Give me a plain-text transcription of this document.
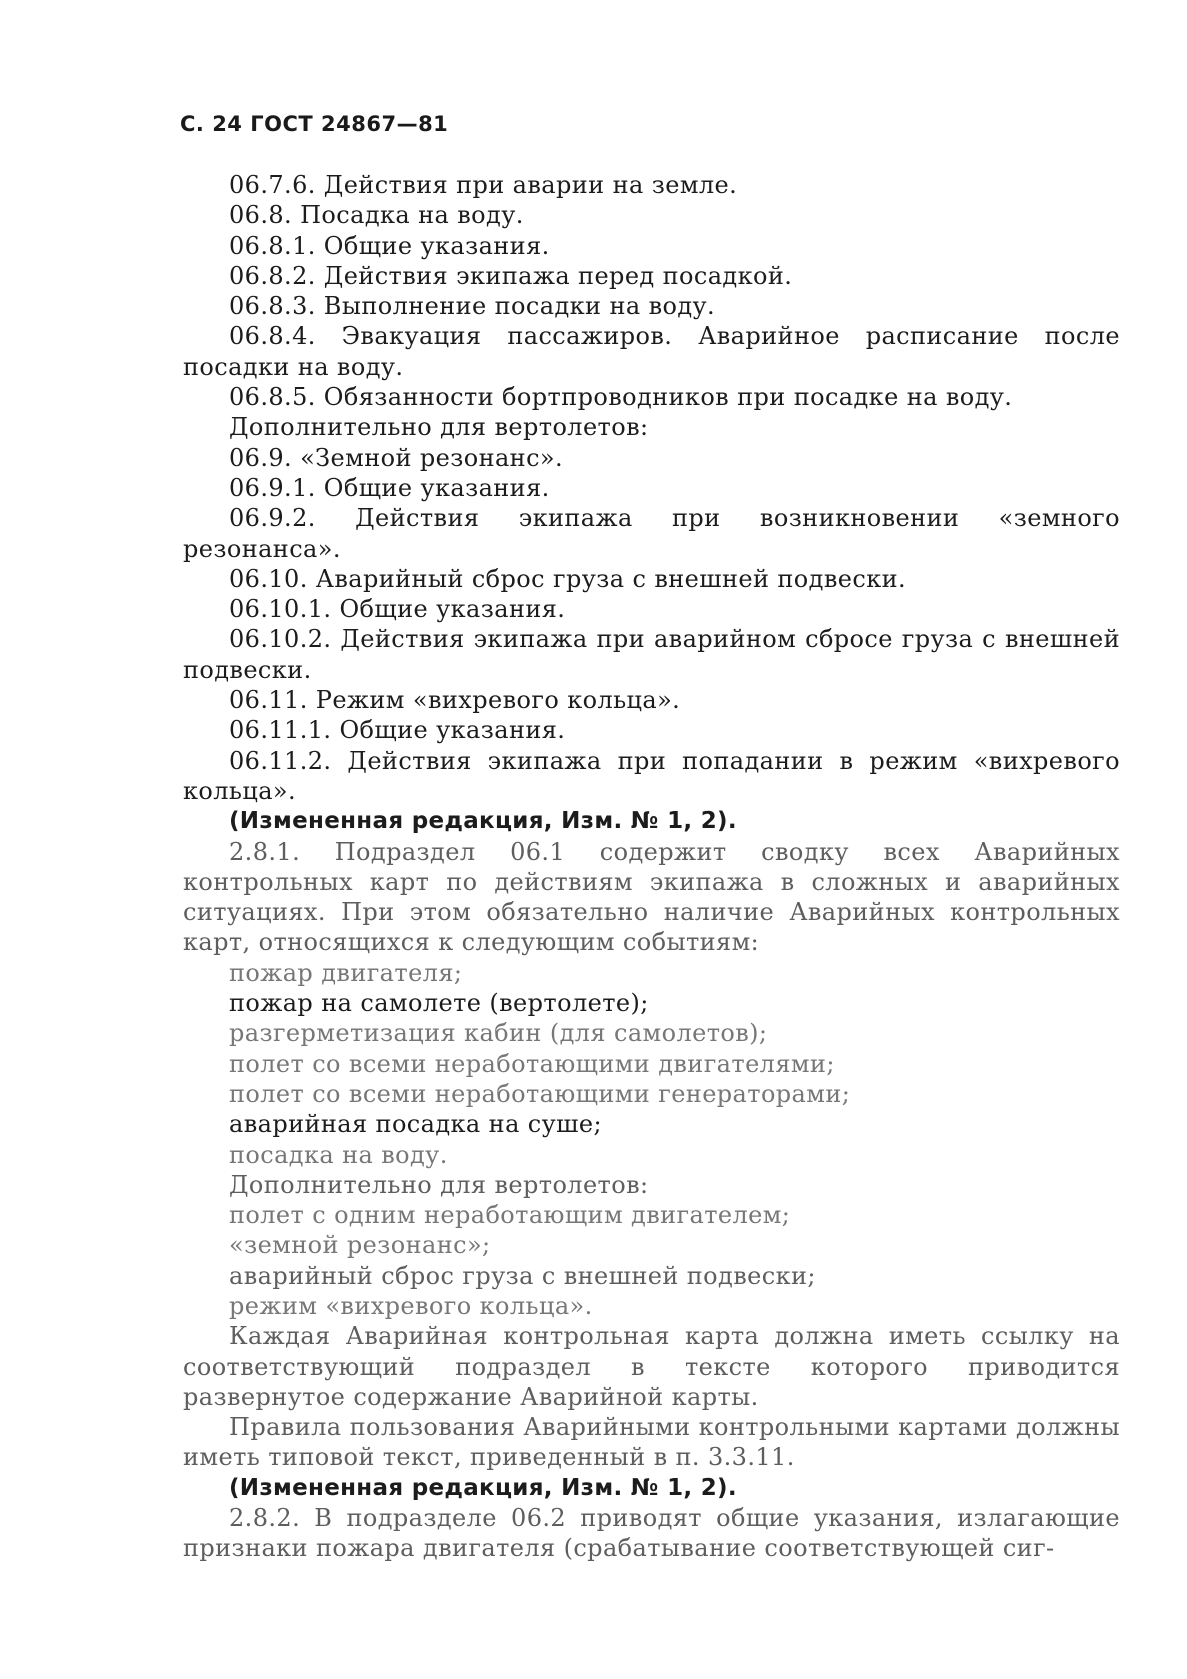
С. 24 ГОСТ 24867—81

06.7.6. Действия при аварии на земле.

06.8. Посадка на воду.

06.8.1. Общие указания.

06.8.2. Действия экипажа перед посадкой.

06.8.3. Выполнение посадки на воду.

06.8.4. Эвакуация пассажиров. Аварийное расписание после посадки на воду.

06.8.5. Обязанности бортпроводников при посадке на воду.

Дополнительно для вертолетов:

06.9. «Земной резонанс».

06.9.1. Общие указания.

06.9.2. Действия экипажа при возникновении «земного резонанса».

06.10. Аварийный сброс груза с внешней подвески.

06.10.1. Общие указания.

06.10.2. Действия экипажа при аварийном сбросе груза с внешней подвески.

06.11. Режим «вихревого кольца».

06.11.1. Общие указания.

06.11.2. Действия экипажа при попадании в режим «вихревого кольца».

(Измененная редакция, Изм. № 1, 2).

2.8.1. Подраздел 06.1 содержит сводку всех Аварийных контрольных карт по действиям экипажа в сложных и аварийных ситуациях. При этом обязательно наличие Аварийных контрольных карт, относящихся к следующим событиям:

пожар двигателя;

пожар на самолете (вертолете);

разгерметизация кабин (для самолетов);

полет со всеми неработающими двигателями;

полет со всеми неработающими генераторами;

аварийная посадка на суше;

посадка на воду.

Дополнительно для вертолетов:

полет с одним неработающим двигателем;

«земной резонанс»;

аварийный сброс груза с внешней подвески;

режим «вихревого кольца».

Каждая Аварийная контрольная карта должна иметь ссылку на соответствующий подраздел в тексте которого приводится развернутое содержание Аварийной карты.

Правила пользования Аварийными контрольными картами должны иметь типовой текст, приведенный в п. 3.3.11.

(Измененная редакция, Изм. № 1, 2).

2.8.2. В подразделе 06.2 приводят общие указания, излагающие признаки пожара двигателя (срабатывание соответствующей сиг-
